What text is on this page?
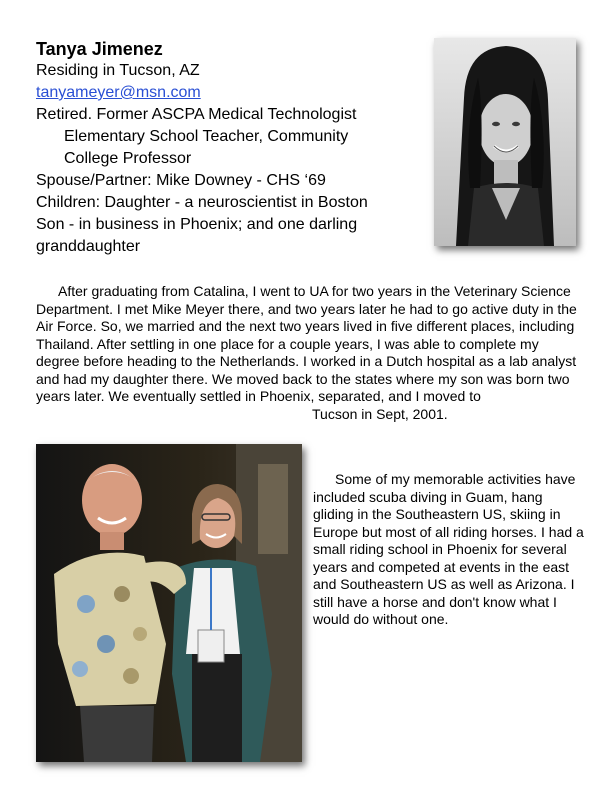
Tanya Jimenez

Residing in Tucson, AZ

tanyameyer@msn.com

Retired. Former ASCPA Medical Technologist

Elementary School Teacher, Community

College Professor

Spouse/Partner: Mike Downey - CHS ‘69

Children: Daughter - a neuroscientist in Boston

Son - in business in Phoenix; and one darling granddaughter

After graduating from Catalina, I went to UA for two years in the Veterinary Science Department. I met Mike Meyer there, and two years later he had to go active duty in the Air Force. So, we married and the next two years lived in five different places, including Thailand. After settling in one place for a couple years, I was able to complete my degree before heading to the Netherlands. I worked in a Dutch hospital as a lab analyst and had my daughter there. We moved back to the states where my son was born two years later. We eventually settled in Phoenix, separated, and I moved to
Tucson in Sept, 2001.

Some of my memorable activities have included scuba diving in Guam, hang gliding in the Southeastern US, skiing in Europe but most of all riding horses. I had a small riding school in Phoenix for several years and competed at events in the east and Southeastern US as well as Arizona. I still have a horse and don't know what I would do without one.
